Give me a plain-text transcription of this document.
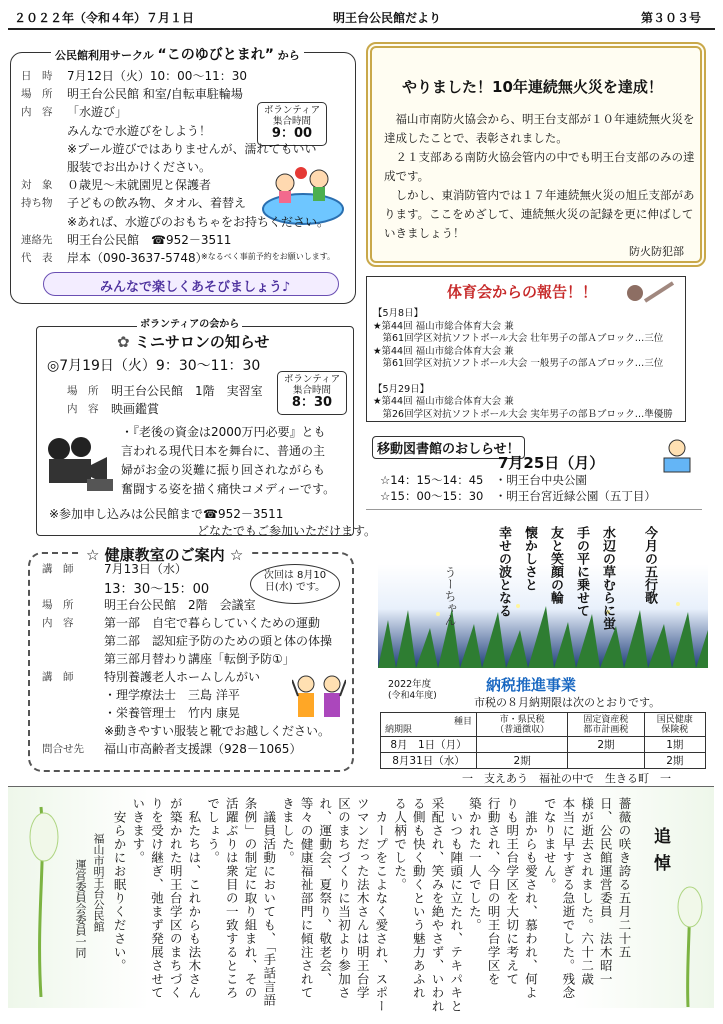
２０２２年（令和４年）７月１日	明王台公民館だより	第３０３号
公民館利用サークル “このゆびとまれ” から
ボランティア 集合時間
9：00
みんなで楽しくあそびましょう♪
日　時 7月12日（火）10：00～11：30
場　所 明王台公民館 和室/自転車駐輪場
内　容 「水遊び」
みんなで水遊びをしよう！
※プール遊びではありませんが、濡れてもいい
服装でお出かけください。
対　象 ０歳児～未就園児と保護者
持ち物 子どもの飲み物、タオル、着替え
※あれば、水遊びのおもちゃをお持ちください。
連絡先 明王台公民館　☎952－3511
代　表 岸本（090-3637-5748）
※なるべく事前予約をお願いします。
ボランティアの会から
✿ ミニサロンの知らせ
◎7月19日（火）9：30～11：30
場　所 明王台公民館　1階　実習室
内　容 映画鑑賞
ボランティア 集合時間
8：30
※参加申し込みは公民館まで☎952－3511
どなたでもご参加いただけます。
・『老後の資金は2000万円必要』とも
言われる現代日本を舞台に、普通の主
婦がお金の災難に振り回されながらも
奮闘する姿を描く痛快コメディーです。
☆ 健康教室のご案内 ☆
次回は 8月10日(水) です。
講　師	7月13日（水）
13：30～15：00
場　所	明王台公民館　2階　会議室
内　容	第一部　自宅で暮らしていくための運動
第二部　認知症予防のための頭と体の体操
第三部月替わり講座「転倒予防①」
講　師	特別養護老人ホームしんがい
・理学療法士　三島 洋平
・栄養管理士　竹内 康晃
※動きやすい服装と靴でお越しください。
問合せ先 福山市高齢者支援課（928－1065）
やりました！10年連続無火災を達成！

　福山市南防火協会から、明王台支部が１０年連続無火災を達成したことで、表彰されました。

　２１支部ある南防火協会管内の中でも明王台支部のみの達成です。

　しかし、東消防管内では１７年連続無火災の旭丘支部があります。ここをめざして、連続無火災の記録を更に伸ばしていきましょう！

防火防犯部
体育会からの報告！！
【5月8日】
★第44回 福山市総合体育大会 兼
　第61回学区対抗ソフトボール大会 壮年男子の部Ａブロック…三位
★第44回 福山市総合体育大会 兼
　第61回学区対抗ソフトボール大会 一般男子の部Ａブロック…三位
【5月29日】
★第44回 福山市総合体育大会 兼
　第26回学区対抗ソフトボール大会 実年男子の部Ｂブロック…準優勝
移動図書館のおしらせ！
7月25日（月）
☆14：15～14：45　・明王台中央公園
☆15：00～15：30　・明王台宮近緑公園（五丁目）
今月の五行歌
うーちゃん	水辺の草むらに蛍
手の平に乗せて
友と笑顔の輪
懐かしさと
幸せの波となる
2022年度
(令和4年度)
納税推進事業
市税の８月納期限は次のとおりです。
種目
納期限	市・県民税
（普通徴収）	固定資産税
都市計画税	国民健康
保険税
8月　1日（月）		2期	1期
8月31日（水）	2期		2期
一　支えあう　福祉の中で　生きる町　一
追悼
福山市明王台公民館
運営委員会委員一同	薔薇の咲き誇る五月二十五
日、公民館運営委員　法木昭一
様が逝去されました。六十二歳
本当に早すぎる急逝でした。残念
でなりません。
　誰からも愛され、慕われ、何よ
りも明王台学区を大切に考えて
行動され、今日の明王台学区を
築かれた一人でした。
　いつも陣頭に立たれ、テキパキと
采配され、笑みを絶やさず、いわれ
る側も快く動くという魅力あふれ
る人柄でした。
　カープをこよなく愛され、スポー
ツマンだった法木さんは明王台学
区のまちづくりに当初より参加さ
れ、運動会、夏祭り、敬老会、
等々の健康福祉部門に傾注されて
きました。
　議員活動においても、「手話言語
条例」の制定に取り組まれ、その
活躍ぶりは衆目の一致するところ
でしょう。
　私たちは、これからも法木さん
が築かれた明王台学区のまちづく
りを受け継ぎ、弛まず発展させて
いきます。
　安らかにお眠りください。
